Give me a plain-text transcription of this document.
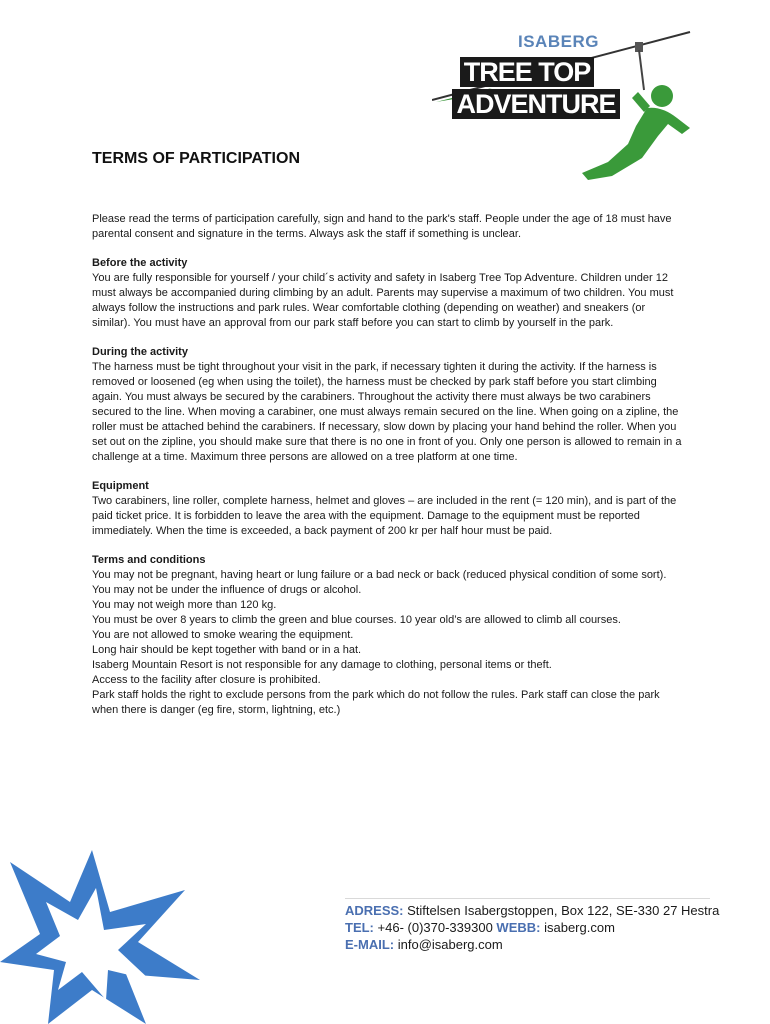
ISABERG
TREE TOP
ADVENTURE
TERMS OF PARTICIPATION

Please read the terms of participation carefully, sign and hand to the park's staff. People under the age of 18 must have parental consent and signature in the terms. Always ask the staff if something is unclear.

Before the activity
You are fully responsible for yourself / your child´s activity and safety in Isaberg Tree Top Adventure. Children under 12 must always be accompanied during climbing by an adult. Parents may supervise a maximum of two children. You must always follow the instructions and park rules. Wear comfortable clothing (depending on weather) and sneakers (or similar). You must have an approval from our park staff before you can start to climb by yourself in the park.
During the activity
The harness must be tight throughout your visit in the park, if necessary tighten it during the activity. If the harness is removed or loosened (eg when using the toilet), the harness must be checked by park staff before you start climbing again. You must always be secured by the carabiners. Throughout the activity there must always be two carabiners secured to the line. When moving a carabiner, one must always remain secured on the line. When going on a zipline, the roller must be attached behind the carabiners. If necessary, slow down by placing your hand behind the roller. When you set out on the zipline, you should make sure that there is no one in front of you. Only one person is allowed to remain in a challenge at a time. Maximum three persons are allowed on a tree platform at one time.
Equipment
Two carabiners, line roller, complete harness, helmet and gloves – are included in the rent (= 120 min), and is part of the paid ticket price. It is forbidden to leave the area with the equipment. Damage to the equipment must be reported immediately. When the time is exceeded, a back payment of 200 kr per half hour must be paid.
Terms and conditions
You may not be pregnant, having heart or lung failure or a bad neck or back (reduced physical condition of some sort).
You may not be under the influence of drugs or alcohol.
You may not weigh more than 120 kg.
You must be over 8 years to climb the green and blue courses. 10 year old’s are allowed to climb all courses.
You are not allowed to smoke wearing the equipment.
Long hair should be kept together with band or in a hat.
Isaberg Mountain Resort is not responsible for any damage to clothing, personal items or theft.
Access to the facility after closure is prohibited.
Park staff holds the right to exclude persons from the park which do not follow the rules. Park staff can close the park when there is danger (eg fire, storm, lightning, etc.)
ADRESS: Stiftelsen Isabergstoppen, Box 122, SE-330 27 Hestra
TEL: +46- (0)370-339300 WEBB: isaberg.com
E-MAIL: info@isaberg.com
